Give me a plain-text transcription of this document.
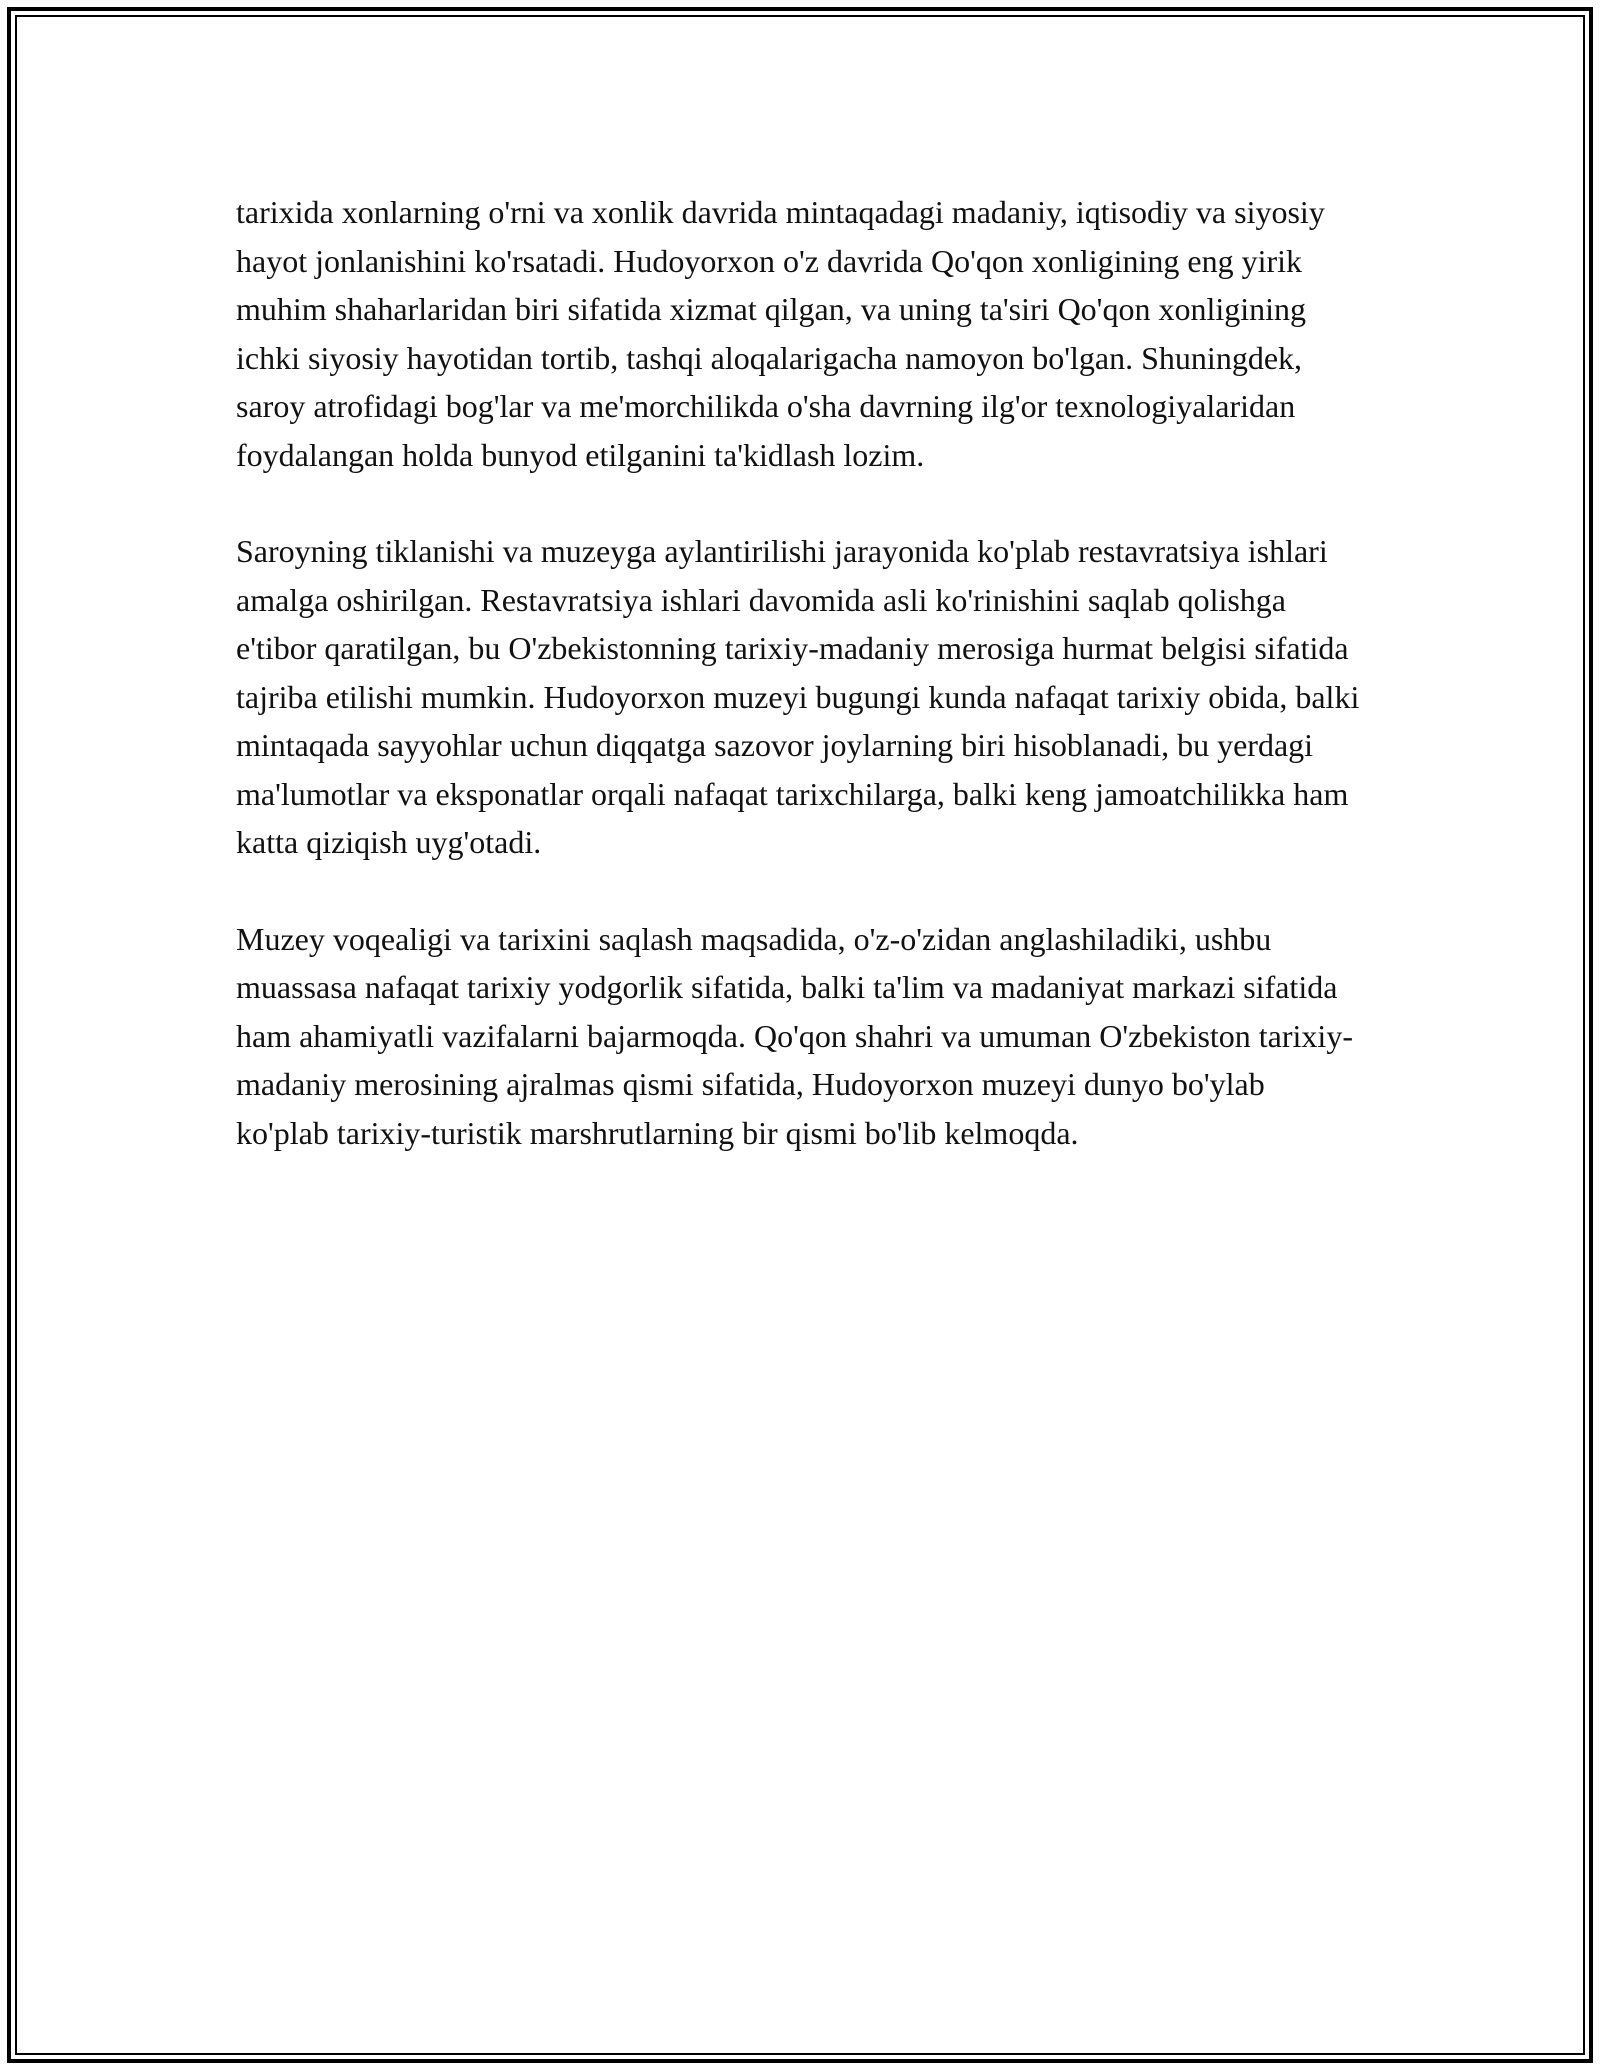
tarixida xonlarning o'rni va xonlik davrida mintaqadagi madaniy, iqtisodiy va siyosiy hayot jonlanishini ko'rsatadi. Hudoyorxon o'z davrida Qo'qon xonligining eng yirik muhim shaharlaridan biri sifatida xizmat qilgan, va uning ta'siri Qo'qon xonligining ichki siyosiy hayotidan tortib, tashqi aloqalarigacha namoyon bo'lgan. Shuningdek, saroy atrofidagi bog'lar va me'morchilikda o'sha davrning ilg'or texnologiyalaridan foydalangan holda bunyod etilganini ta'kidlash lozim.

Saroyning tiklanishi va muzeyga aylantirilishi jarayonida ko'plab restavratsiya ishlari amalga oshirilgan. Restavratsiya ishlari davomida asli ko'rinishini saqlab qolishga e'tibor qaratilgan, bu O'zbekistonning tarixiy-madaniy merosiga hurmat belgisi sifatida tajriba etilishi mumkin. Hudoyorxon muzeyi bugungi kunda nafaqat tarixiy obida, balki mintaqada sayyohlar uchun diqqatga sazovor joylarning biri hisoblanadi, bu yerdagi ma'lumotlar va eksponatlar orqali nafaqat tarixchilarga, balki keng jamoatchilikka ham katta qiziqish uyg'otadi.

Muzey voqealigi va tarixini saqlash maqsadida, o'z-o'zidan anglashiladiki, ushbu muassasa nafaqat tarixiy yodgorlik sifatida, balki ta'lim va madaniyat markazi sifatida ham ahamiyatli vazifalarni bajarmoqda. Qo'qon shahri va umuman O'zbekiston tarixiy-madaniy merosining ajralmas qismi sifatida, Hudoyorxon muzeyi dunyo bo'ylab ko'plab tarixiy-turistik marshrutlarning bir qismi bo'lib kelmoqda.
